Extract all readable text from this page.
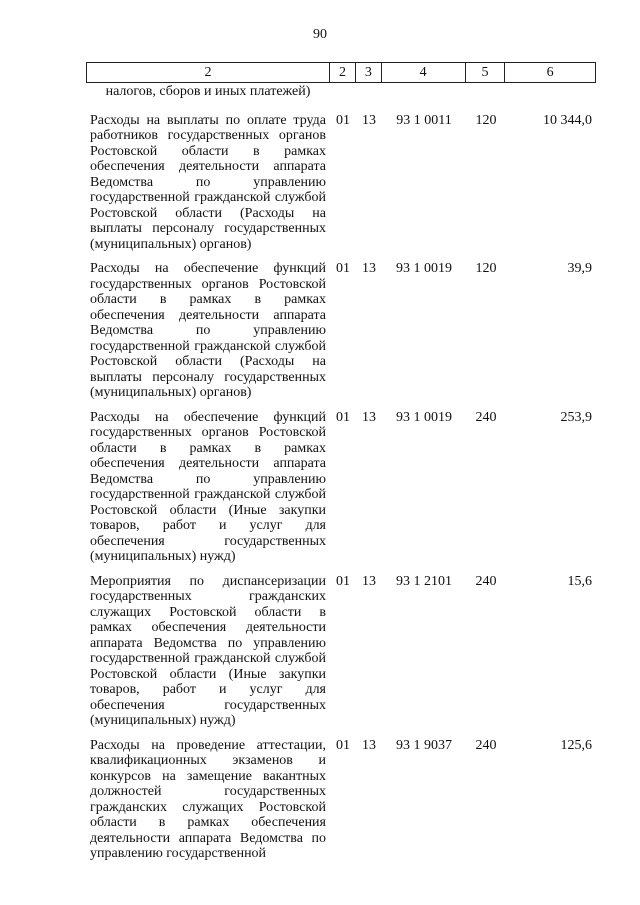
90
2	2	3	4	5	6
налогов, сборов и иных платежей)
Расходы на выплаты по оплате труда работников государственных органов Ростовской области в рамках обеспечения деятельности аппарата Ведомства по управлению государственной гражданской службой Ростовской области (Расходы на выплаты персоналу государственных (муниципальных) органов)
01 13	93 1 0011	120	10 344,0
Расходы на обеспечение функций государственных органов Ростовской области в рамках в рамках обеспечения деятельности аппарата Ведомства по управлению государственной гражданской службой Ростовской области (Расходы на выплаты персоналу государственных (муниципальных) органов)
01 13	93 1 0019	120	39,9
Расходы на обеспечение функций государственных органов Ростовской области в рамках в рамках обеспечения деятельности аппарата Ведомства по управлению государственной гражданской службой Ростовской области (Иные закупки товаров, работ и услуг для обеспечения государственных (муниципальных) нужд)
01 13	93 1 0019	240	253,9
Мероприятия по диспансеризации государственных гражданских служащих Ростовской области в рамках обеспечения деятельности аппарата Ведомства по управлению государственной гражданской службой Ростовской области (Иные закупки товаров, работ и услуг для обеспечения государственных (муниципальных) нужд)
01 13	93 1 2101	240	15,6
Расходы на проведение аттестации, квалификационных экзаменов и конкурсов на замещение вакантных должностей государственных гражданских служащих Ростовской области в рамках обеспечения деятельности аппарата Ведомства по управлению государственной
01 13	93 1 9037	240	125,6
